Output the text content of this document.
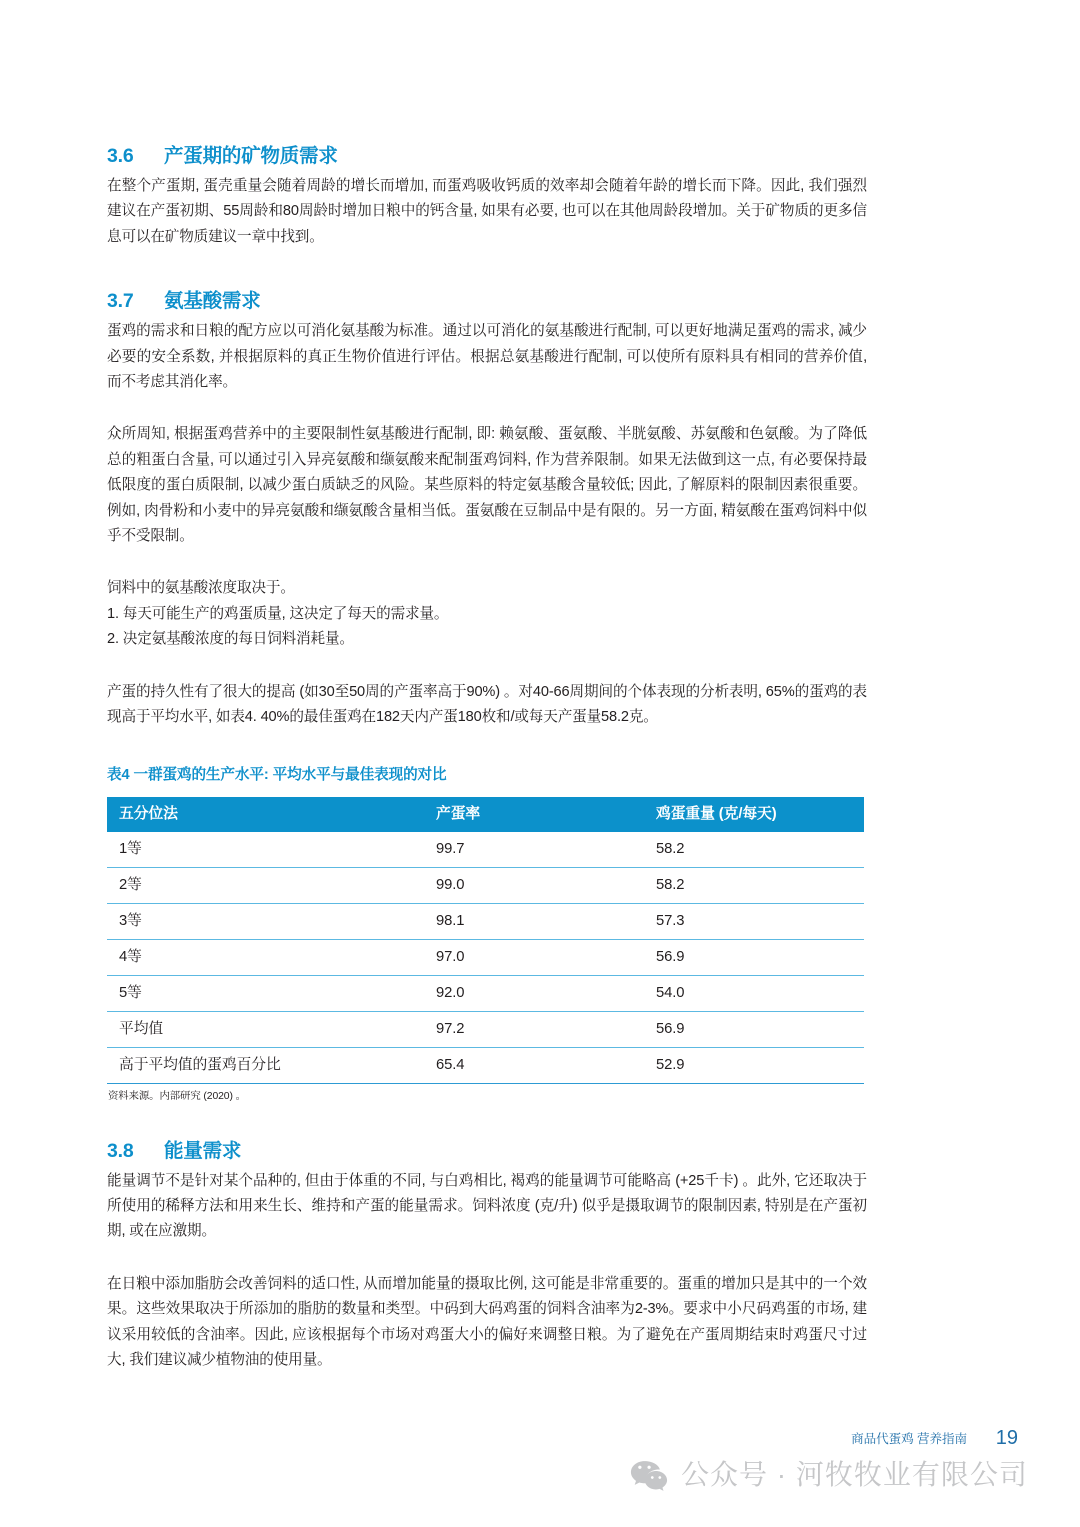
3.6	产蛋期的矿物质需求

在整个产蛋期, 蛋壳重量会随着周龄的增长而增加, 而蛋鸡吸收钙质的效率却会随着年龄的增长而下降。因此, 我们强烈建议在产蛋初期、55周龄和80周龄时增加日粮中的钙含量, 如果有必要, 也可以在其他周龄段增加。关于矿物质的更多信息可以在矿物质建议一章中找到。

3.7	氨基酸需求

蛋鸡的需求和日粮的配方应以可消化氨基酸为标准。通过以可消化的氨基酸进行配制, 可以更好地满足蛋鸡的需求, 减少必要的安全系数, 并根据原料的真正生物价值进行评估。根据总氨基酸进行配制, 可以使所有原料具有相同的营养价值, 而不考虑其消化率。

众所周知, 根据蛋鸡营养中的主要限制性氨基酸进行配制, 即: 赖氨酸、蛋氨酸、半胱氨酸、苏氨酸和色氨酸。为了降低总的粗蛋白含量, 可以通过引入异亮氨酸和缬氨酸来配制蛋鸡饲料, 作为营养限制。如果无法做到这一点, 有必要保持最低限度的蛋白质限制, 以减少蛋白质缺乏的风险。某些原料的特定氨基酸含量较低; 因此, 了解原料的限制因素很重要。例如, 肉骨粉和小麦中的异亮氨酸和缬氨酸含量相当低。蛋氨酸在豆制品中是有限的。另一方面, 精氨酸在蛋鸡饲料中似乎不受限制。

饲料中的氨基酸浓度取决于。

1. 每天可能生产的鸡蛋质量, 这决定了每天的需求量。

2. 决定氨基酸浓度的每日饲料消耗量。

产蛋的持久性有了很大的提高 (如30至50周的产蛋率高于90%) 。对40-66周期间的个体表现的分析表明, 65%的蛋鸡的表现高于平均水平, 如表4. 40%的最佳蛋鸡在182天内产蛋180枚和/或每天产蛋量58.2克。

表4 一群蛋鸡的生产水平: 平均水平与最佳表现的对比
五分位法	产蛋率	鸡蛋重量 (克/每天)
1等	99.7	58.2
2等	99.0	58.2
3等	98.1	57.3
4等	97.0	56.9
5等	92.0	54.0
平均值	97.2	56.9
高于平均值的蛋鸡百分比	65.4	52.9
资料来源。内部研究 (2020) 。
3.8	能量需求

能量调节不是针对某个品种的, 但由于体重的不同, 与白鸡相比, 褐鸡的能量调节可能略高 (+25千卡) 。此外, 它还取决于所使用的稀释方法和用来生长、维持和产蛋的能量需求。饲料浓度 (克/升) 似乎是摄取调节的限制因素, 特别是在产蛋初期, 或在应激期。

在日粮中添加脂肪会改善饲料的适口性, 从而增加能量的摄取比例, 这可能是非常重要的。蛋重的增加只是其中的一个效果。这些效果取决于所添加的脂肪的数量和类型。中码到大码鸡蛋的饲料含油率为2-3%。要求中小尺码鸡蛋的市场, 建议采用较低的含油率。因此, 应该根据每个市场对鸡蛋大小的偏好来调整日粮。为了避免在产蛋周期结束时鸡蛋尺寸过大, 我们建议减少植物油的使用量。

商品代蛋鸡 营养指南 19
公众号 · 河牧牧业有限公司
